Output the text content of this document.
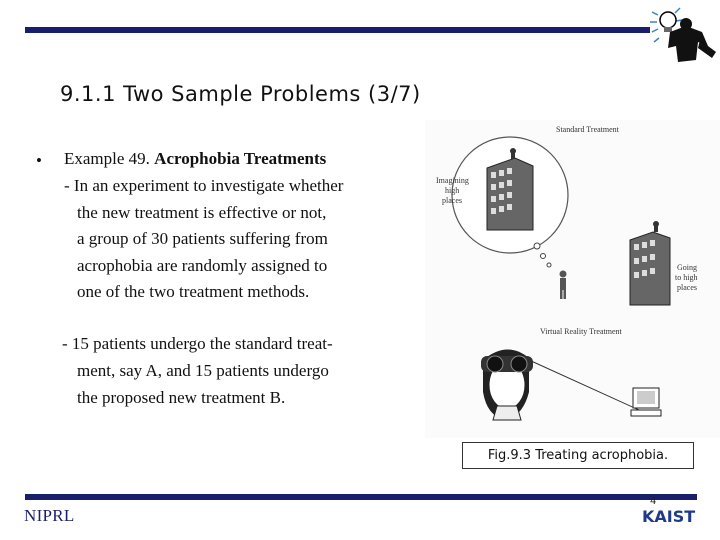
9.1.1 Two Sample Problems (3/7)
• Example 49. Acrophobia Treatments
- In an experiment to investigate whether
the new treatment is effective or not,
a group of 30 patients suffering from
acrophobia are randomly assigned to
one of the two treatment methods.
- 15 patients undergo the standard treat-
ment, say A, and 15 patients undergo
the proposed new treatment B.
Standard Treatment
Imagining
high
places
Going
to high
places
Virtual Reality Treatment
Fig.9.3 Treating acrophobia.
NIPRL
4
KAIST
